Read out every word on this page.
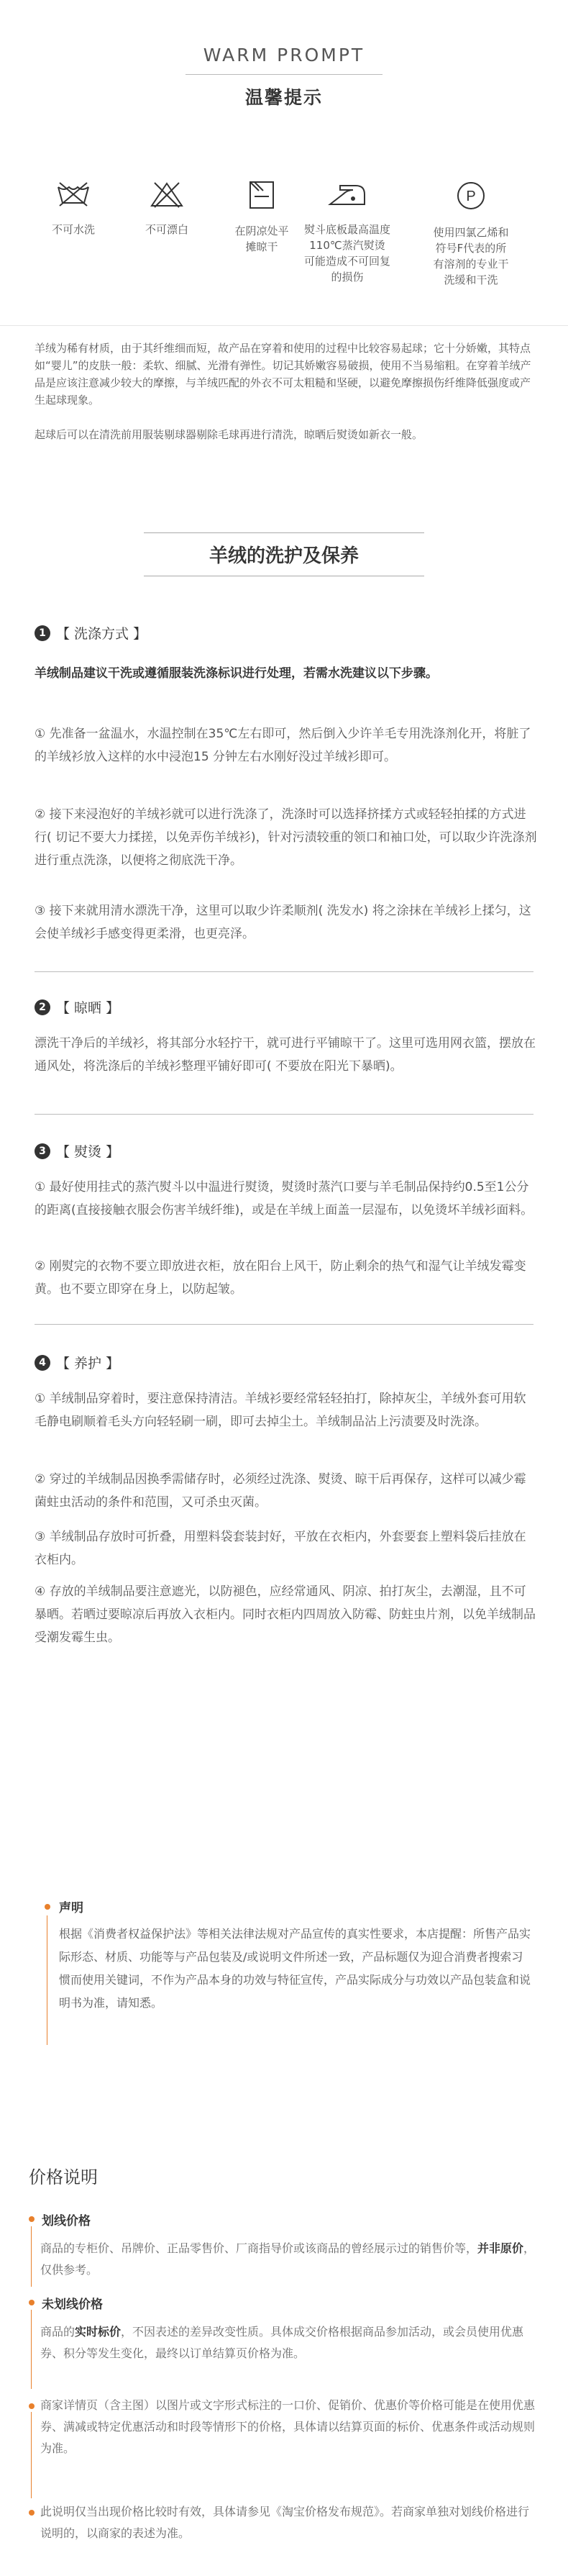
WARM PROMPT
温馨提示
不可水洗	不可漂白	在阴凉处平摊晾干
熨斗底板最高温度110℃蒸汽熨烫可能造成不可回复的损伤
P
使用四氯乙烯和符号F代表的所有溶剂的专业干洗缓和干洗
羊绒为稀有材质，由于其纤维细而短，故产品在穿着和使用的过程中比较容易起球；它十分娇嫩，其特点如“婴儿”的皮肤一般：柔软、细腻、光滑有弹性。切记其娇嫩容易破损，使用不当易缩粗。在穿着羊绒产品是应该注意减少较大的摩擦，与羊绒匹配的外衣不可太粗糙和坚硬，以避免摩擦损伤纤维降低强度或产生起球现象。
起球后可以在清洗前用服装剔球器剔除毛球再进行清洗，晾晒后熨烫如新衣一般。
羊绒的洗护及保养
1 【 洗涤方式 】
羊绒制品建议干洗或遵循服装洗涤标识进行处理，若需水洗建议以下步骤。
① 先准备一盆温水，水温控制在35℃左右即可，然后倒入少许羊毛专用洗涤剂化开，将脏了的羊绒衫放入这样的水中浸泡15 分钟左右水刚好没过羊绒衫即可。
② 接下来浸泡好的羊绒衫就可以进行洗涤了，洗涤时可以选择挤揉方式或轻轻拍揉的方式进行( 切记不要大力揉搓，以免弄伤羊绒衫)，针对污渍较重的领口和袖口处，可以取少许洗涤剂进行重点洗涤，以便将之彻底洗干净。
③ 接下来就用清水漂洗干净，这里可以取少许柔顺剂( 洗发水) 将之涂抹在羊绒衫上揉匀，这会使羊绒衫手感变得更柔滑，也更亮泽。
2 【 晾晒 】
漂洗干净后的羊绒衫，将其部分水轻拧干，就可进行平铺晾干了。这里可选用网衣篮，摆放在通风处，将洗涤后的羊绒衫整理平铺好即可( 不要放在阳光下暴晒)。
3 【 熨烫 】
① 最好使用挂式的蒸汽熨斗以中温进行熨烫，熨烫时蒸汽口要与羊毛制品保持约0.5至1公分的距离(直接接触衣服会伤害羊绒纤维)，或是在羊绒上面盖一层湿布，以免烫坏羊绒衫面料。
② 刚熨完的衣物不要立即放进衣柜，放在阳台上风干，防止剩余的热气和湿气让羊绒发霉变黄。也不要立即穿在身上，以防起皱。
4 【 养护 】
① 羊绒制品穿着时，要注意保持清洁。羊绒衫要经常轻轻拍打，除掉灰尘，羊绒外套可用软毛静电刷顺着毛头方向轻轻刷一刷，即可去掉尘土。羊绒制品沾上污渍要及时洗涤。
② 穿过的羊绒制品因换季需储存时，必须经过洗涤、熨烫、晾干后再保存，这样可以减少霉菌蛀虫活动的条件和范围，又可杀虫灭菌。
③ 羊绒制品存放时可折叠，用塑料袋套装封好，平放在衣柜内，外套要套上塑料袋后挂放在衣柜内。
④ 存放的羊绒制品要注意遮光，以防褪色，应经常通风、阴凉、拍打灰尘，去潮湿，且不可暴晒。若晒过要晾凉后再放入衣柜内。同时衣柜内四周放入防霉、防蛀虫片剂，以免羊绒制品受潮发霉生虫。
声明
根据《消费者权益保护法》等相关法律法规对产品宣传的真实性要求，本店提醒：所售产品实际形态、材质、功能等与产品包装及/或说明文件所述一致，产品标题仅为迎合消费者搜索习惯而使用关键词，不作为产品本身的功效与特征宣传，产品实际成分与功效以产品包装盒和说明书为准，请知悉。
价格说明
划线价格
商品的专柜价、吊牌价、正品零售价、厂商指导价或该商品的曾经展示过的销售价等，并非原价，仅供参考。
未划线价格
商品的实时标价，不因表述的差异改变性质。具体成交价格根据商品参加活动，或会员使用优惠券、积分等发生变化，最终以订单结算页价格为准。
商家详情页（含主图）以图片或文字形式标注的一口价、促销价、优惠价等价格可能是在使用优惠券、满减或特定优惠活动和时段等情形下的价格，具体请以结算页面的标价、优惠条件或活动规则为准。
此说明仅当出现价格比较时有效，具体请参见《淘宝价格发布规范》。若商家单独对划线价格进行说明的，以商家的表述为准。
